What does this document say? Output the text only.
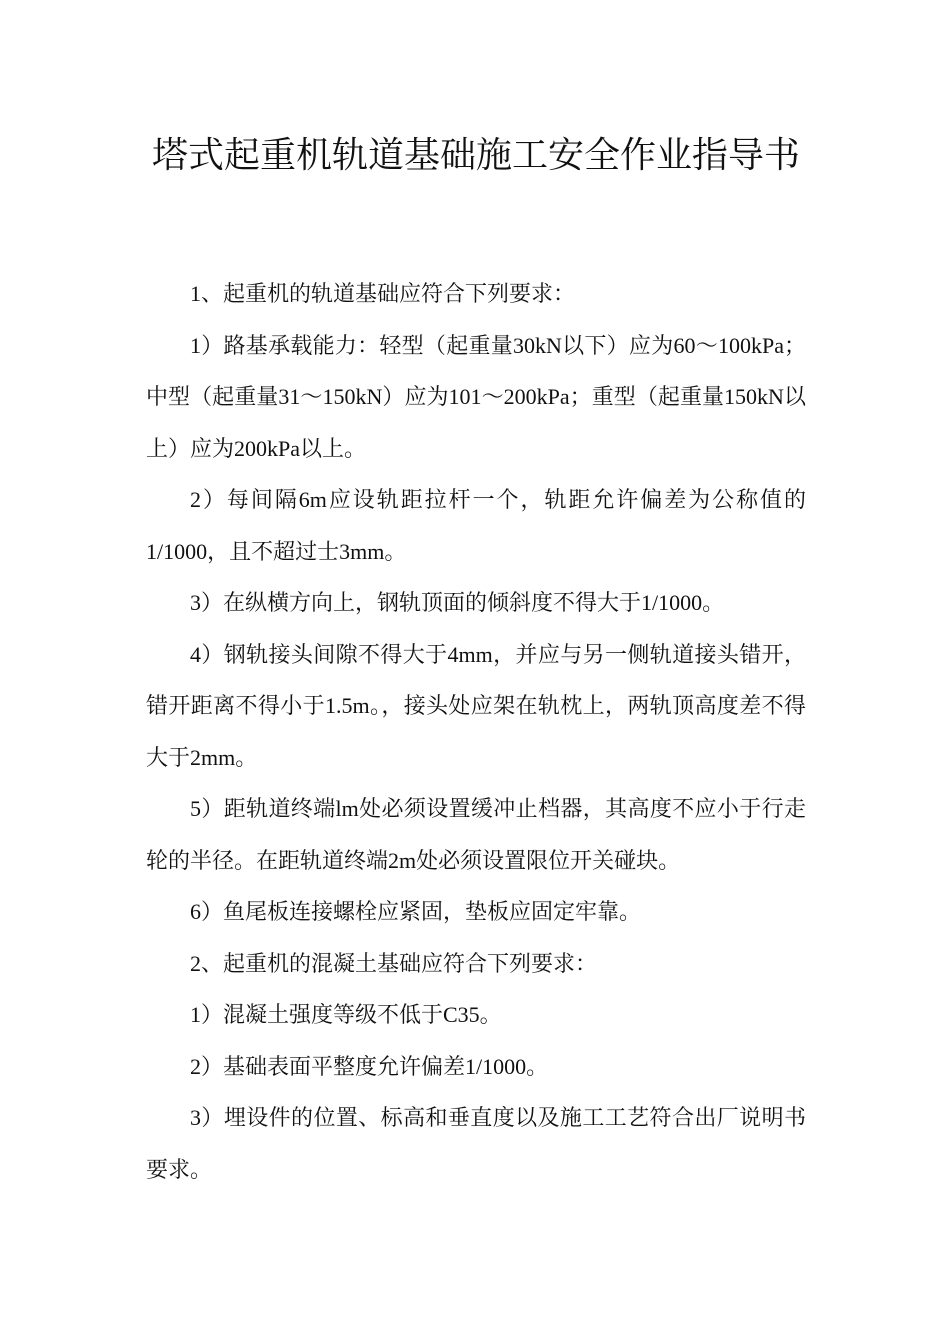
塔式起重机轨道基础施工安全作业指导书

1、起重机的轨道基础应符合下列要求：

1）路基承载能力：轻型（起重量30kN以下）应为60～100kPa；中型（起重量31～150kN）应为101～200kPa；重型（起重量150kN以上）应为200kPa以上。

2）每间隔6m应设轨距拉杆一个，轨距允许偏差为公称值的1/1000，且不超过士3mm。

3）在纵横方向上，钢轨顶面的倾斜度不得大于1/1000。

4）钢轨接头间隙不得大于4mm，并应与另一侧轨道接头错开，错开距离不得小于1.5m。，接头处应架在轨枕上，两轨顶高度差不得大于2mm。

5）距轨道终端lm处必须设置缓冲止档器，其高度不应小于行走轮的半径。在距轨道终端2m处必须设置限位开关碰块。

6）鱼尾板连接螺栓应紧固，垫板应固定牢靠。

2、起重机的混凝土基础应符合下列要求：

1）混凝土强度等级不低于C35。

2）基础表面平整度允许偏差1/1000。

3）埋设件的位置、标高和垂直度以及施工工艺符合出厂说明书要求。
